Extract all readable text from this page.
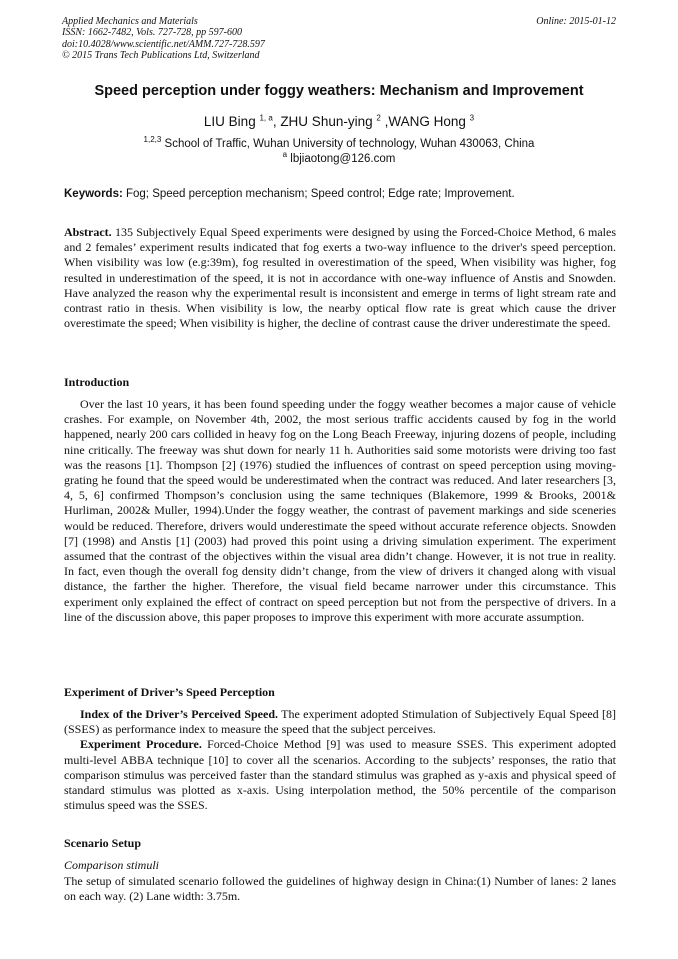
Applied Mechanics and Materials
ISSN: 1662-7482, Vols. 727-728, pp 597-600
doi:10.4028/www.scientific.net/AMM.727-728.597
© 2015 Trans Tech Publications Ltd, Switzerland
Online: 2015-01-12
Speed perception under foggy weathers: Mechanism and Improvement
LIU Bing $^{1, a}$, ZHU Shun-ying $^2$ ,WANG Hong $^3$
$^{1,2,3}$ School of Traffic, Wuhan University of technology, Wuhan 430063, China
$^a$ lbjiaotong@126.com
Keywords: Fog; Speed perception mechanism; Speed control; Edge rate; Improvement.
Abstract. 135 Subjectively Equal Speed experiments were designed by using the Forced-Choice Method, 6 males and 2 females’ experiment results indicated that fog exerts a two-way influence to the driver's speed perception. When visibility was low (e.g:39m), fog resulted in overestimation of the speed, When visibility was higher, fog resulted in underestimation of the speed, it is not in accordance with one-way influence of Anstis and Snowden. Have analyzed the reason why the experimental result is inconsistent and emerge in terms of light stream rate and contrast ratio in thesis. When visibility is low, the nearby optical flow rate is great which cause the driver overestimate the speed; When visibility is higher, the decline of contrast cause the driver underestimate the speed.
Introduction
Over the last 10 years, it has been found speeding under the foggy weather becomes a major cause of vehicle crashes. For example, on November 4th, 2002, the most serious traffic accidents caused by fog in the world happened, nearly 200 cars collided in heavy fog on the Long Beach Freeway, injuring dozens of people, including nine critically. The freeway was shut down for nearly 11 h. Authorities said some motorists were driving too fast was the reasons [1]. Thompson [2] (1976) studied the influences of contrast on speed perception using moving-grating he found that the speed would be underestimated when the contract was reduced. And later researchers [3, 4, 5, 6] confirmed Thompson’s conclusion using the same techniques (Blakemore, 1999 & Brooks, 2001& Hurliman, 2002& Muller, 1994).Under the foggy weather, the contrast of pavement markings and side sceneries would be reduced. Therefore, drivers would underestimate the speed without accurate reference objects. Snowden [7] (1998) and Anstis [1] (2003) had proved this point using a driving simulation experiment. The experiment assumed that the contrast of the objectives within the visual area didn’t change. However, it is not true in reality. In fact, even though the overall fog density didn’t change, from the view of drivers it changed along with visual distance, the farther the higher. Therefore, the visual field became narrower under this circumstance. This experiment only explained the effect of contract on speed perception but not from the perspective of drivers. In a line of the discussion above, this paper proposes to improve this experiment with more accurate assumption.
Experiment of Driver’s Speed Perception

Index of the Driver’s Perceived Speed. The experiment adopted Stimulation of Subjectively Equal Speed [8] (SSES) as performance index to measure the speed that the subject perceives.

Experiment Procedure. Forced-Choice Method [9] was used to measure SSES. This experiment adopted multi-level ABBA technique [10] to cover all the scenarios. According to the subjects’ responses, the ratio that comparison stimulus was perceived faster than the standard stimulus was graphed as y-axis and physical speed of standard stimulus was plotted as x-axis. Using interpolation method, the 50% percentile of the comparison stimulus speed was the SSES.

Scenario Setup
Comparison stimuli
The setup of simulated scenario followed the guidelines of highway design in China:(1) Number of lanes: 2 lanes on each way. (2) Lane width: 3.75m.
